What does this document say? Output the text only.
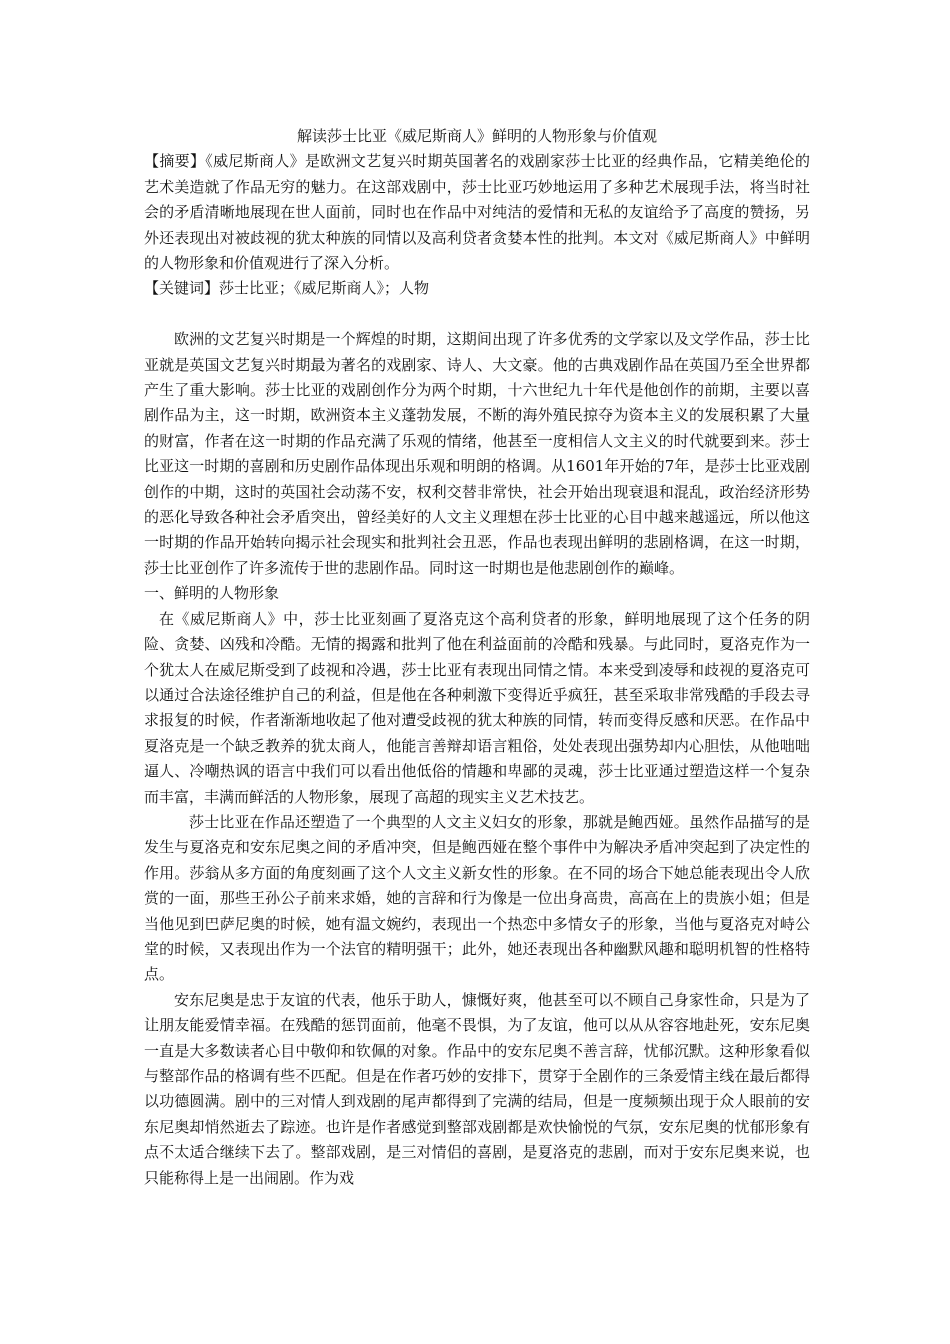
解读莎士比亚《威尼斯商人》鲜明的人物形象与价值观

【摘要】《威尼斯商人》是欧洲文艺复兴时期英国著名的戏剧家莎士比亚的经典作品，它精美绝伦的艺术美造就了作品无穷的魅力。在这部戏剧中，莎士比亚巧妙地运用了多种艺术展现手法，将当时社会的矛盾清晰地展现在世人面前，同时也在作品中对纯洁的爱情和无私的友谊给予了高度的赞扬，另外还表现出对被歧视的犹太种族的同情以及高利贷者贪婪本性的批判。本文对《威尼斯商人》中鲜明的人物形象和价值观进行了深入分析。

【关键词】莎士比亚；《威尼斯商人》；人物

欧洲的文艺复兴时期是一个辉煌的时期，这期间出现了许多优秀的文学家以及文学作品，莎士比亚就是英国文艺复兴时期最为著名的戏剧家、诗人、大文豪。他的古典戏剧作品在英国乃至全世界都产生了重大影响。莎士比亚的戏剧创作分为两个时期，十六世纪九十年代是他创作的前期，主要以喜剧作品为主，这一时期，欧洲资本主义蓬勃发展，不断的海外殖民掠夺为资本主义的发展积累了大量的财富，作者在这一时期的作品充满了乐观的情绪，他甚至一度相信人文主义的时代就要到来。莎士比亚这一时期的喜剧和历史剧作品体现出乐观和明朗的格调。从1601年开始的7年，是莎士比亚戏剧创作的中期，这时的英国社会动荡不安，权利交替非常快，社会开始出现衰退和混乱，政治经济形势的恶化导致各种社会矛盾突出，曾经美好的人文主义理想在莎士比亚的心目中越来越遥远，所以他这一时期的作品开始转向揭示社会现实和批判社会丑恶，作品也表现出鲜明的悲剧格调，在这一时期，莎士比亚创作了许多流传于世的悲剧作品。同时这一时期也是他悲剧创作的巅峰。

一、鲜明的人物形象

在《威尼斯商人》中，莎士比亚刻画了夏洛克这个高利贷者的形象，鲜明地展现了这个任务的阴险、贪婪、凶残和冷酷。无情的揭露和批判了他在利益面前的冷酷和残暴。与此同时，夏洛克作为一个犹太人在威尼斯受到了歧视和冷遇，莎士比亚有表现出同情之情。本来受到凌辱和歧视的夏洛克可以通过合法途径维护自己的利益，但是他在各种刺激下变得近乎疯狂，甚至采取非常残酷的手段去寻求报复的时候，作者渐渐地收起了他对遭受歧视的犹太种族的同情，转而变得反感和厌恶。在作品中夏洛克是一个缺乏教养的犹太商人，他能言善辩却语言粗俗，处处表现出强势却内心胆怯，从他咄咄逼人、冷嘲热讽的语言中我们可以看出他低俗的情趣和卑鄙的灵魂，莎士比亚通过塑造这样一个复杂而丰富，丰满而鲜活的人物形象，展现了高超的现实主义艺术技艺。

莎士比亚在作品还塑造了一个典型的人文主义妇女的形象，那就是鲍西娅。虽然作品描写的是发生与夏洛克和安东尼奥之间的矛盾冲突，但是鲍西娅在整个事件中为解决矛盾冲突起到了决定性的作用。莎翁从多方面的角度刻画了这个人文主义新女性的形象。在不同的场合下她总能表现出令人欣赏的一面，那些王孙公子前来求婚，她的言辞和行为像是一位出身高贵，高高在上的贵族小姐；但是当他见到巴萨尼奥的时候，她有温文婉约，表现出一个热恋中多情女子的形象，当他与夏洛克对峙公堂的时候，又表现出作为一个法官的精明强干；此外，她还表现出各种幽默风趣和聪明机智的性格特点。

安东尼奥是忠于友谊的代表，他乐于助人，慷慨好爽，他甚至可以不顾自己身家性命，只是为了让朋友能爱情幸福。在残酷的惩罚面前，他毫不畏惧，为了友谊，他可以从从容容地赴死，安东尼奥一直是大多数读者心目中敬仰和钦佩的对象。作品中的安东尼奥不善言辞，忧郁沉默。这种形象看似与整部作品的格调有些不匹配。但是在作者巧妙的安排下，贯穿于全剧作的三条爱情主线在最后都得以功德圆满。剧中的三对情人到戏剧的尾声都得到了完满的结局，但是一度频频出现于众人眼前的安东尼奥却悄然逝去了踪迹。也许是作者感觉到整部戏剧都是欢快愉悦的气氛，安东尼奥的忧郁形象有点不太适合继续下去了。整部戏剧，是三对情侣的喜剧，是夏洛克的悲剧，而对于安东尼奥来说，也只能称得上是一出闹剧。作为戏
